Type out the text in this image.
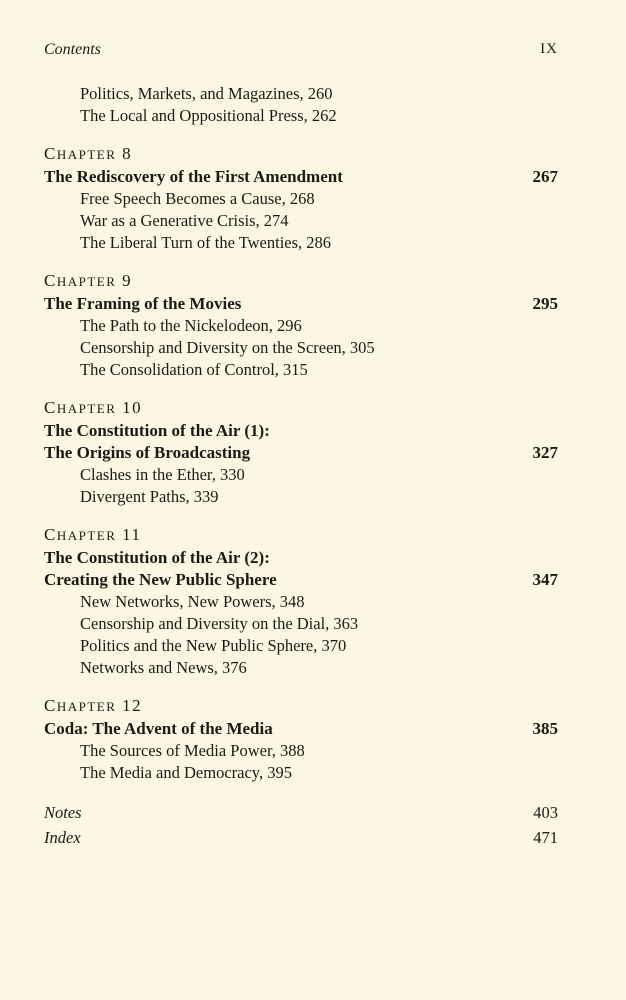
Contents	IX
Politics, Markets, and Magazines, 260
The Local and Oppositional Press, 262
CHAPTER 8
The Rediscovery of the First Amendment	267
Free Speech Becomes a Cause, 268
War as a Generative Crisis, 274
The Liberal Turn of the Twenties, 286
CHAPTER 9
The Framing of the Movies	295
The Path to the Nickelodeon, 296
Censorship and Diversity on the Screen, 305
The Consolidation of Control, 315
CHAPTER 10
The Constitution of the Air (1):
The Origins of Broadcasting	327
Clashes in the Ether, 330
Divergent Paths, 339
CHAPTER 11
The Constitution of the Air (2):
Creating the New Public Sphere	347
New Networks, New Powers, 348
Censorship and Diversity on the Dial, 363
Politics and the New Public Sphere, 370
Networks and News, 376
CHAPTER 12
Coda: The Advent of the Media	385
The Sources of Media Power, 388
The Media and Democracy, 395
Notes	403
Index	471
